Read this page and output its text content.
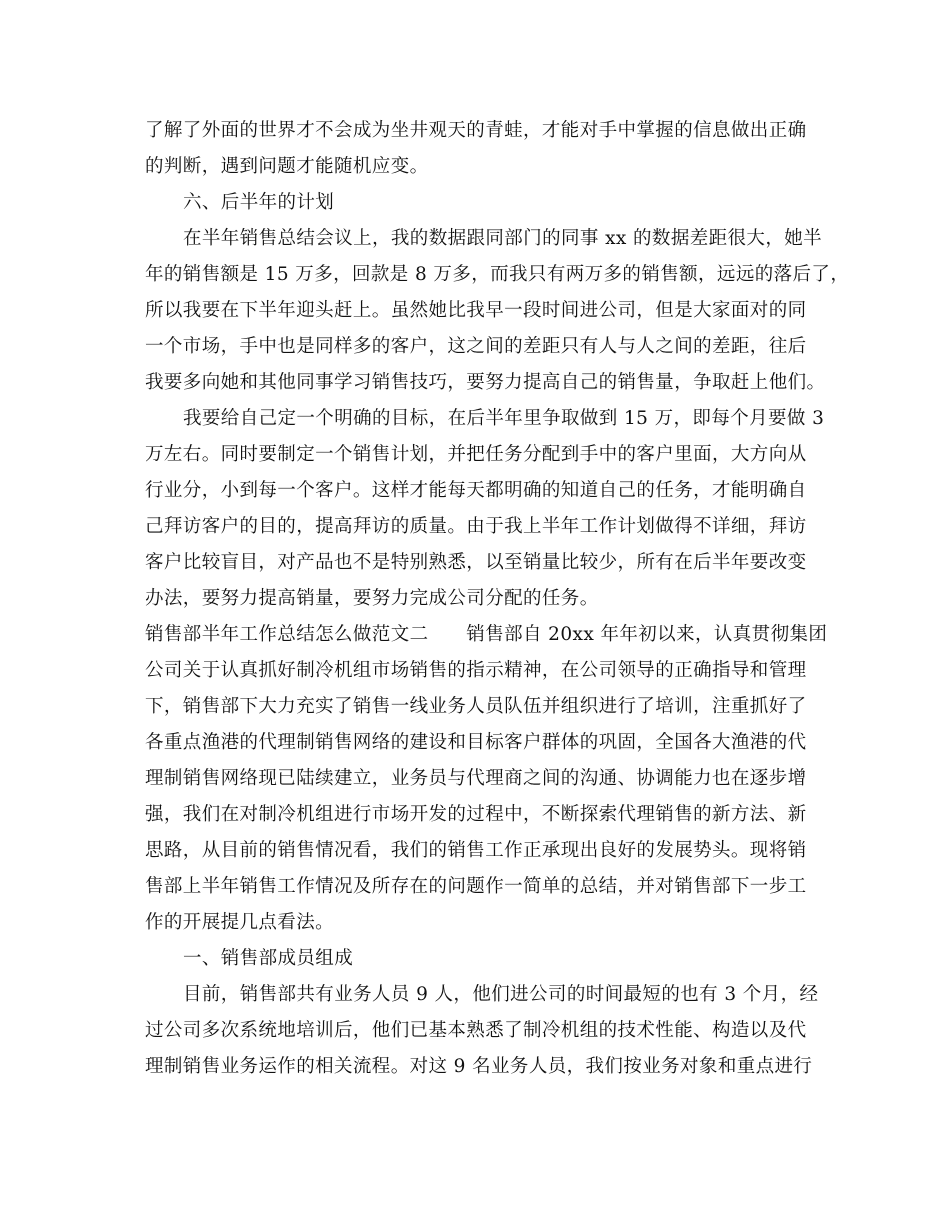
了解了外面的世界才不会成为坐井观天的青蛙，才能对手中掌握的信息做出正确
的判断，遇到问题才能随机应变。
六、后半年的计划
在半年销售总结会议上，我的数据跟同部门的同事 xx 的数据差距很大，她半
年的销售额是 15 万多，回款是 8 万多，而我只有两万多的销售额，远远的落后了，
所以我要在下半年迎头赶上。虽然她比我早一段时间进公司，但是大家面对的同
一个市场，手中也是同样多的客户，这之间的差距只有人与人之间的差距，往后
我要多向她和其他同事学习销售技巧，要努力提高自己的销售量，争取赶上他们。
我要给自己定一个明确的目标，在后半年里争取做到 15 万，即每个月要做 3
万左右。同时要制定一个销售计划，并把任务分配到手中的客户里面，大方向从
行业分，小到每一个客户。这样才能每天都明确的知道自己的任务，才能明确自
己拜访客户的目的，提高拜访的质量。由于我上半年工作计划做得不详细，拜访
客户比较盲目，对产品也不是特别熟悉，以至销量比较少，所有在后半年要改变
办法，要努力提高销量，要努力完成公司分配的任务。
销售部半年工作总结怎么做范文二　　销售部自 20xx 年年初以来，认真贯彻集团
公司关于认真抓好制冷机组市场销售的指示精神，在公司领导的正确指导和管理
下，销售部下大力充实了销售一线业务人员队伍并组织进行了培训，注重抓好了
各重点渔港的代理制销售网络的建设和目标客户群体的巩固，全国各大渔港的代
理制销售网络现已陆续建立，业务员与代理商之间的沟通、协调能力也在逐步增
强，我们在对制冷机组进行市场开发的过程中，不断探索代理销售的新方法、新
思路，从目前的销售情况看，我们的销售工作正承现出良好的发展势头。现将销
售部上半年销售工作情况及所存在的问题作一简单的总结，并对销售部下一步工
作的开展提几点看法。
一、销售部成员组成
目前，销售部共有业务人员 9 人，他们进公司的时间最短的也有 3 个月，经
过公司多次系统地培训后，他们已基本熟悉了制冷机组的技术性能、构造以及代
理制销售业务运作的相关流程。对这 9 名业务人员，我们按业务对象和重点进行
